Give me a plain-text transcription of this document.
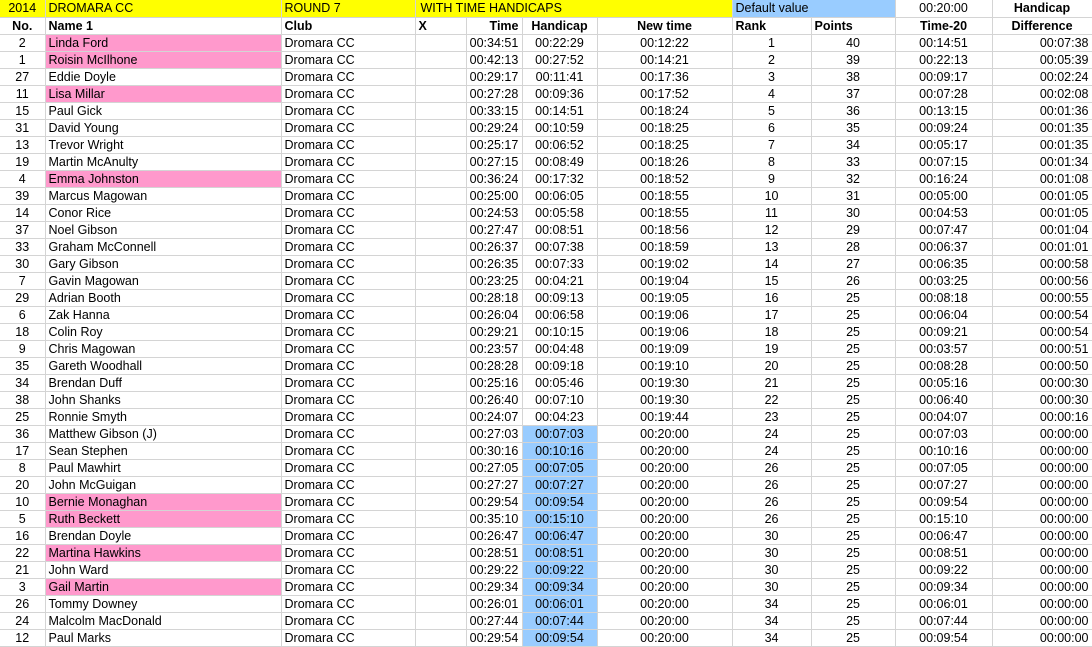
2014	DROMARA CC	ROUND 7	WITH TIME HANDICAPS				Default value		00:20:00	Handicap
No.	Name 1	Club	X	Time	Handicap	New time	Rank	Points	Time-20	Difference
2	Linda Ford	Dromara CC		00:34:51	00:22:29	00:12:22	1	40	00:14:51	00:07:38
1	Roisin McIlhone	Dromara CC		00:42:13	00:27:52	00:14:21	2	39	00:22:13	00:05:39
27	Eddie Doyle	Dromara CC		00:29:17	00:11:41	00:17:36	3	38	00:09:17	00:02:24
11	Lisa Millar	Dromara CC		00:27:28	00:09:36	00:17:52	4	37	00:07:28	00:02:08
15	Paul Gick	Dromara CC		00:33:15	00:14:51	00:18:24	5	36	00:13:15	00:01:36
31	David Young	Dromara CC		00:29:24	00:10:59	00:18:25	6	35	00:09:24	00:01:35
13	Trevor Wright	Dromara CC		00:25:17	00:06:52	00:18:25	7	34	00:05:17	00:01:35
19	Martin McAnulty	Dromara CC		00:27:15	00:08:49	00:18:26	8	33	00:07:15	00:01:34
4	Emma Johnston	Dromara CC		00:36:24	00:17:32	00:18:52	9	32	00:16:24	00:01:08
39	Marcus Magowan	Dromara CC		00:25:00	00:06:05	00:18:55	10	31	00:05:00	00:01:05
14	Conor Rice	Dromara CC		00:24:53	00:05:58	00:18:55	11	30	00:04:53	00:01:05
37	Noel Gibson	Dromara CC		00:27:47	00:08:51	00:18:56	12	29	00:07:47	00:01:04
33	Graham McConnell	Dromara CC		00:26:37	00:07:38	00:18:59	13	28	00:06:37	00:01:01
30	Gary Gibson	Dromara CC		00:26:35	00:07:33	00:19:02	14	27	00:06:35	00:00:58
7	Gavin Magowan	Dromara CC		00:23:25	00:04:21	00:19:04	15	26	00:03:25	00:00:56
29	Adrian Booth	Dromara CC		00:28:18	00:09:13	00:19:05	16	25	00:08:18	00:00:55
6	Zak Hanna	Dromara CC		00:26:04	00:06:58	00:19:06	17	25	00:06:04	00:00:54
18	Colin Roy	Dromara CC		00:29:21	00:10:15	00:19:06	18	25	00:09:21	00:00:54
9	Chris Magowan	Dromara CC		00:23:57	00:04:48	00:19:09	19	25	00:03:57	00:00:51
35	Gareth Woodhall	Dromara CC		00:28:28	00:09:18	00:19:10	20	25	00:08:28	00:00:50
34	Brendan Duff	Dromara CC		00:25:16	00:05:46	00:19:30	21	25	00:05:16	00:00:30
38	John Shanks	Dromara CC		00:26:40	00:07:10	00:19:30	22	25	00:06:40	00:00:30
25	Ronnie Smyth	Dromara CC		00:24:07	00:04:23	00:19:44	23	25	00:04:07	00:00:16
36	Matthew Gibson (J)	Dromara CC		00:27:03	00:07:03	00:20:00	24	25	00:07:03	00:00:00
17	Sean Stephen	Dromara CC		00:30:16	00:10:16	00:20:00	24	25	00:10:16	00:00:00
8	Paul Mawhirt	Dromara CC		00:27:05	00:07:05	00:20:00	26	25	00:07:05	00:00:00
20	John McGuigan	Dromara CC		00:27:27	00:07:27	00:20:00	26	25	00:07:27	00:00:00
10	Bernie Monaghan	Dromara CC		00:29:54	00:09:54	00:20:00	26	25	00:09:54	00:00:00
5	Ruth Beckett	Dromara CC		00:35:10	00:15:10	00:20:00	26	25	00:15:10	00:00:00
16	Brendan Doyle	Dromara CC		00:26:47	00:06:47	00:20:00	30	25	00:06:47	00:00:00
22	Martina Hawkins	Dromara CC		00:28:51	00:08:51	00:20:00	30	25	00:08:51	00:00:00
21	John Ward	Dromara CC		00:29:22	00:09:22	00:20:00	30	25	00:09:22	00:00:00
3	Gail Martin	Dromara CC		00:29:34	00:09:34	00:20:00	30	25	00:09:34	00:00:00
26	Tommy Downey	Dromara CC		00:26:01	00:06:01	00:20:00	34	25	00:06:01	00:00:00
24	Malcolm MacDonald	Dromara CC		00:27:44	00:07:44	00:20:00	34	25	00:07:44	00:00:00
12	Paul Marks	Dromara CC		00:29:54	00:09:54	00:20:00	34	25	00:09:54	00:00:00
